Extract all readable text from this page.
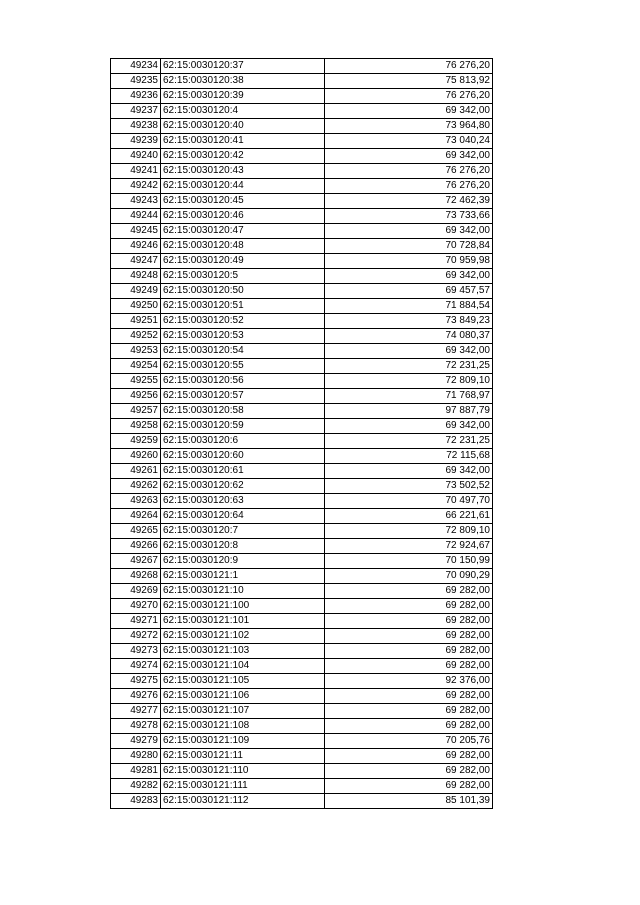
49234	62:15:0030120:37	76 276,20
49235	62:15:0030120:38	75 813,92
49236	62:15:0030120:39	76 276,20
49237	62:15:0030120:4	69 342,00
49238	62:15:0030120:40	73 964,80
49239	62:15:0030120:41	73 040,24
49240	62:15:0030120:42	69 342,00
49241	62:15:0030120:43	76 276,20
49242	62:15:0030120:44	76 276,20
49243	62:15:0030120:45	72 462,39
49244	62:15:0030120:46	73 733,66
49245	62:15:0030120:47	69 342,00
49246	62:15:0030120:48	70 728,84
49247	62:15:0030120:49	70 959,98
49248	62:15:0030120:5	69 342,00
49249	62:15:0030120:50	69 457,57
49250	62:15:0030120:51	71 884,54
49251	62:15:0030120:52	73 849,23
49252	62:15:0030120:53	74 080,37
49253	62:15:0030120:54	69 342,00
49254	62:15:0030120:55	72 231,25
49255	62:15:0030120:56	72 809,10
49256	62:15:0030120:57	71 768,97
49257	62:15:0030120:58	97 887,79
49258	62:15:0030120:59	69 342,00
49259	62:15:0030120:6	72 231,25
49260	62:15:0030120:60	72 115,68
49261	62:15:0030120:61	69 342,00
49262	62:15:0030120:62	73 502,52
49263	62:15:0030120:63	70 497,70
49264	62:15:0030120:64	66 221,61
49265	62:15:0030120:7	72 809,10
49266	62:15:0030120:8	72 924,67
49267	62:15:0030120:9	70 150,99
49268	62:15:0030121:1	70 090,29
49269	62:15:0030121:10	69 282,00
49270	62:15:0030121:100	69 282,00
49271	62:15:0030121:101	69 282,00
49272	62:15:0030121:102	69 282,00
49273	62:15:0030121:103	69 282,00
49274	62:15:0030121:104	69 282,00
49275	62:15:0030121:105	92 376,00
49276	62:15:0030121:106	69 282,00
49277	62:15:0030121:107	69 282,00
49278	62:15:0030121:108	69 282,00
49279	62:15:0030121:109	70 205,76
49280	62:15:0030121:11	69 282,00
49281	62:15:0030121:110	69 282,00
49282	62:15:0030121:111	69 282,00
49283	62:15:0030121:112	85 101,39
